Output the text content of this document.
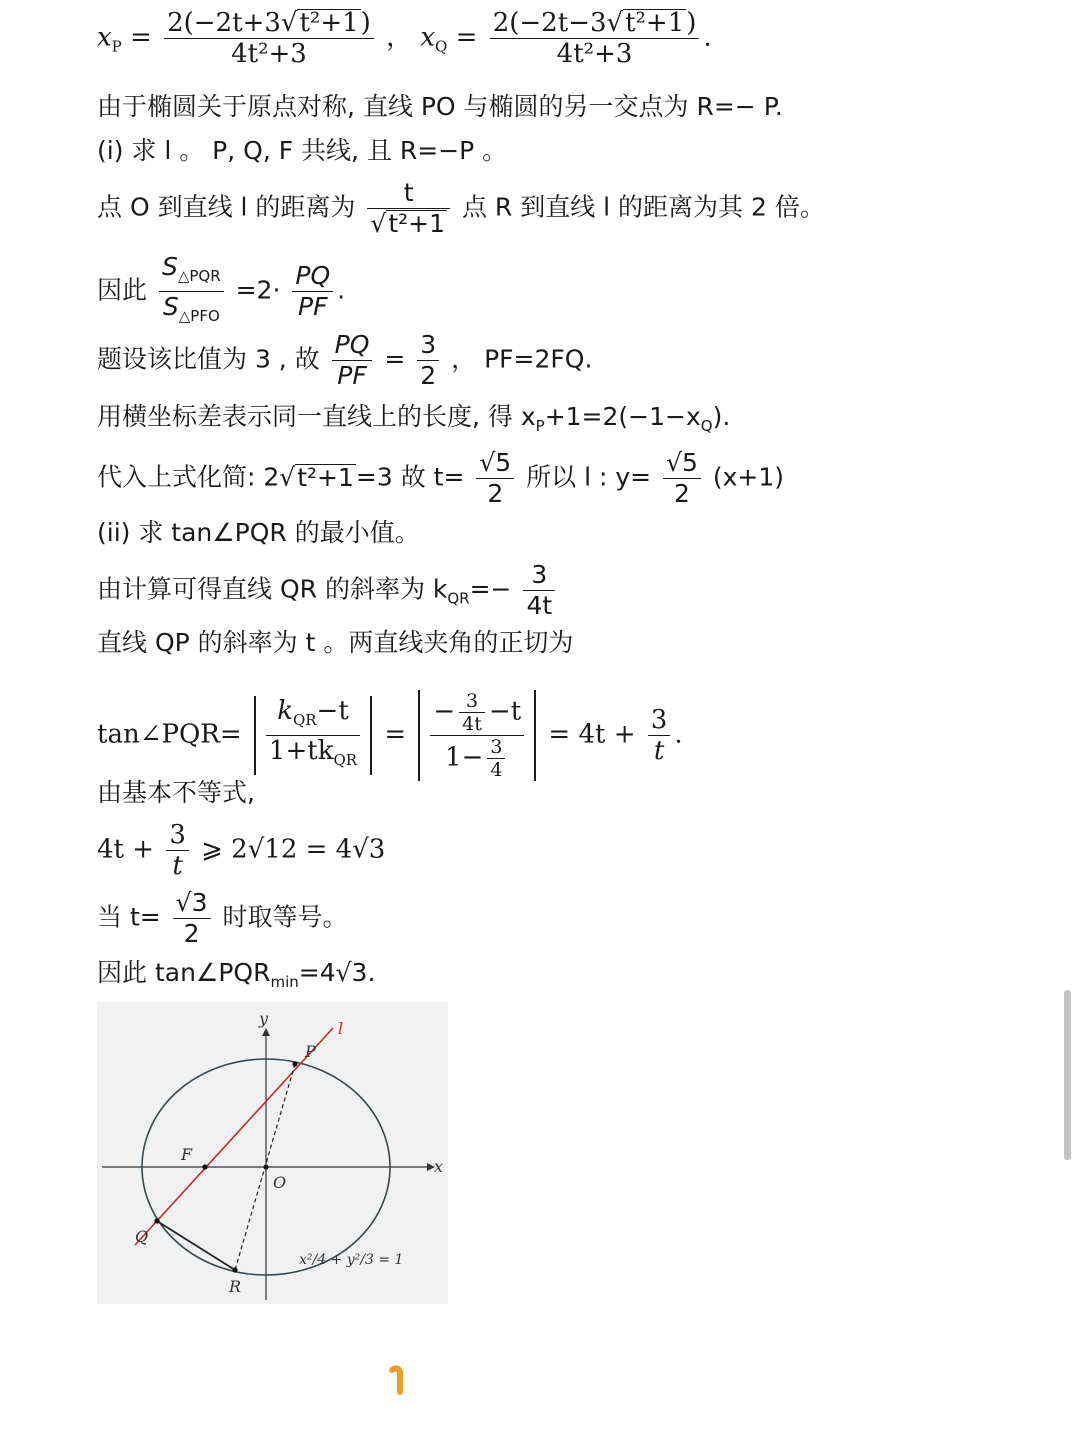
$x_P = \frac{\text{2(−2t+3√t²+1)}}{\text{4t²+3}}$ ， $x_Q = \frac{\text{2(−2t−3√t²+1)}}{\text{4t²+3}}$ .
由于椭圆关于原点对称, 直线 PO 与椭圆的另一交点为 R=− P.
(i) 求 l 。 P, Q, F 共线, 且 R=−P 。
点 O 到直线 l 的距离为 $\frac{t}{\text{√t²+1}}$ 点 R 到直线 l 的距离为其 2 倍。
因此 $\frac{S_{\triangle PQR}}{S_{\triangle PFO}} =2\cdot \frac{PQ}{PF}$ .
题设该比值为 3 , 故 $\frac{PQ}{PF} = \frac{3}{2}$ ， PF=2FQ.
用横坐标差表示同一直线上的长度, 得 $x_P+1=2(-1-x_Q)$.
代入上式化简: 2√t²+1=3 故 $t= \frac{√5}{2}$ 所以 l : $y= \frac{√5}{2} (x+1)$
(ii) 求 tan∠PQR 的最小值。
由计算可得直线 QR 的斜率为 $k_{QR}=- \frac{3}{4t}$
直线 QP 的斜率为 t 。两直线夹角的正切为
tan∠PQR= $\frac{k_{QR}-t}{1+tk_{QR}} = \frac{- \frac{3}{4t} -t}{1- \frac{3}{4}} = 4t + \frac{3}{t}$ .
由基本不等式,
$4t + \frac{3}{t}$ ⩾ 2√12 = 4√3
当 $t= \frac{√3}{2}$ 时取等号。
因此 $\tan\angle PQR_{min}=4√3$.
y
x
l
P
F
O
Q
R
x²/4 + y²/3 = 1
